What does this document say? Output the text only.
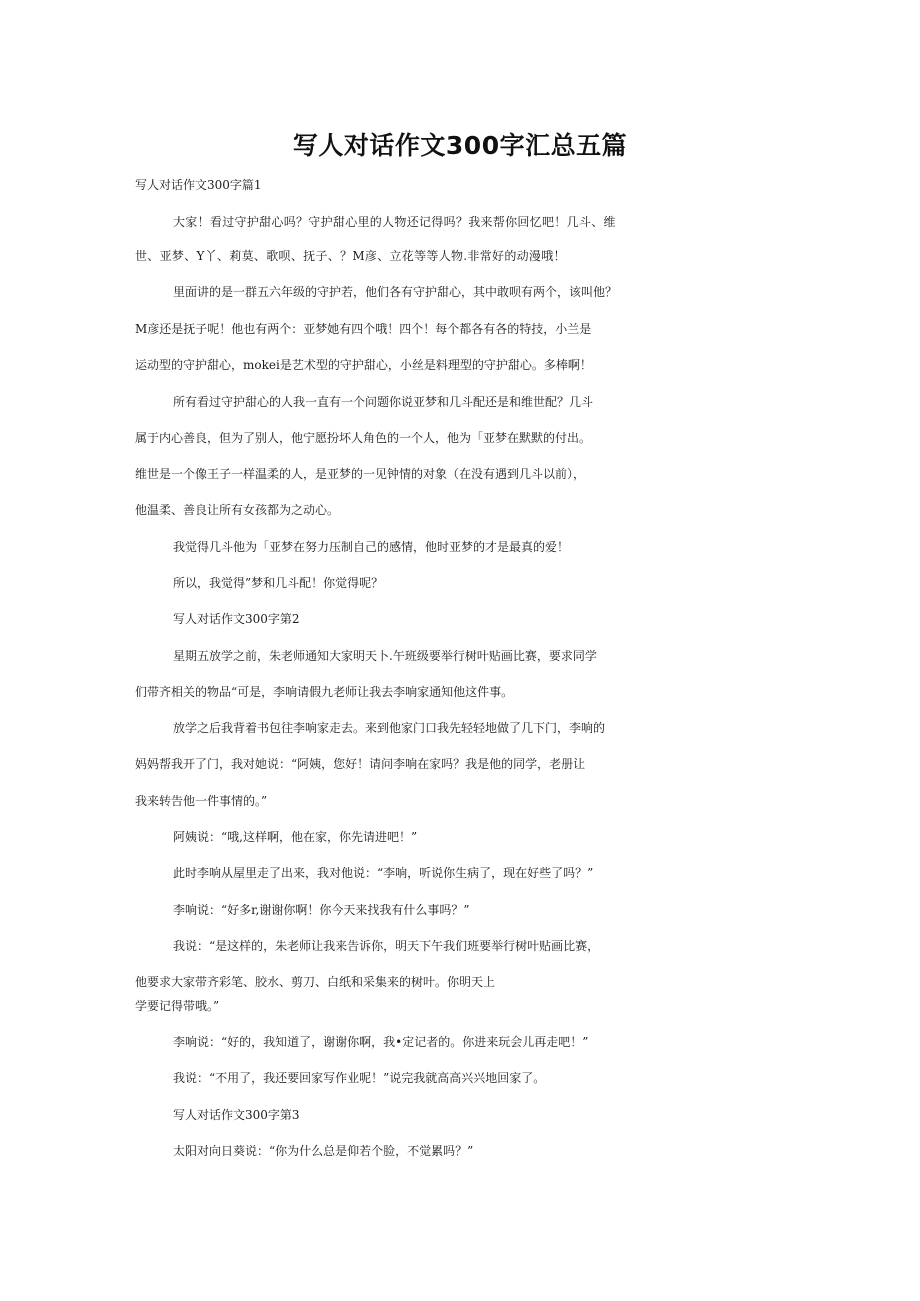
写人对话作文300字汇总五篇
写人对话作文300字篇1
大家！看过守护甜心吗？守护甜心里的人物还记得吗？我来帮你回忆吧！几斗、维
世、亚梦、Y丫、莉莫、歌呗、抚子、？M彦、立花等等人物.非常好的动漫哦！
里面讲的是一群五六年级的守护若，他们各有守护甜心，其中敢呗有两个，该叫他？
M彦还是抚子呢！他也有两个：亚梦她有四个哦！四个！每个都各有各的特技，小兰是
运动型的守护甜心，mokei是艺术型的守护甜心，小丝是料理型的守护甜心。多棒啊！
所有看过守护甜心的人我一直有一个问题你说亚梦和几斗配还是和维世配？几斗
属于内心善良，但为了别人，他宁愿扮坏人角色的一个人，他为「亚梦在默默的付出。
维世是一个像王子一样温柔的人，是亚梦的一见钟情的对象（在没有遇到几斗以前），
他温柔、善良让所有女孩都为之动心。
我觉得几斗他为「亚梦在努力压制自己的感情，他时亚梦的才是最真的爱！
所以，我觉得”梦和几斗配！你觉得呢？
写人对话作文300字第2
星期五放学之前，朱老师通知大家明天卜.午班级要举行树叶贴画比赛，要求同学
们带齐相关的物品“可是，李响请假九老师让我去李响家通知他这件事。
放学之后我背着书包往李响家走去。来到他家门口我先轻轻地做了几下门，李响的
妈妈帮我开了门，我对她说：“阿姨，您好！请问李响在家吗？我是他的同学，老册让
我来转告他一件事情的。”
阿姨说：“哦,这样啊，他在家，你先请进吧！”
此时李响从屋里走了出来，我对他说：“李响，听说你生病了，现在好些了吗？”
李响说：“好多r,谢谢你啊！你今天来找我有什么事吗？”
我说：“是这样的，朱老师让我来告诉你，明天下午我们班要举行树叶贴画比赛，
他要求大家带齐彩笔、胶水、剪刀、白纸和采集来的树叶。你明天上
学要记得带哦。”
李响说：“好的，我知道了，谢谢你啊，我•定记者的。你进来玩会儿再走吧！”
我说：“不用了，我还要回家写作业呢！”说完我就高高兴兴地回家了。
写人对话作文300字第3
太阳对向日葵说：“你为什么总是仰若个脸，不觉累吗？”
